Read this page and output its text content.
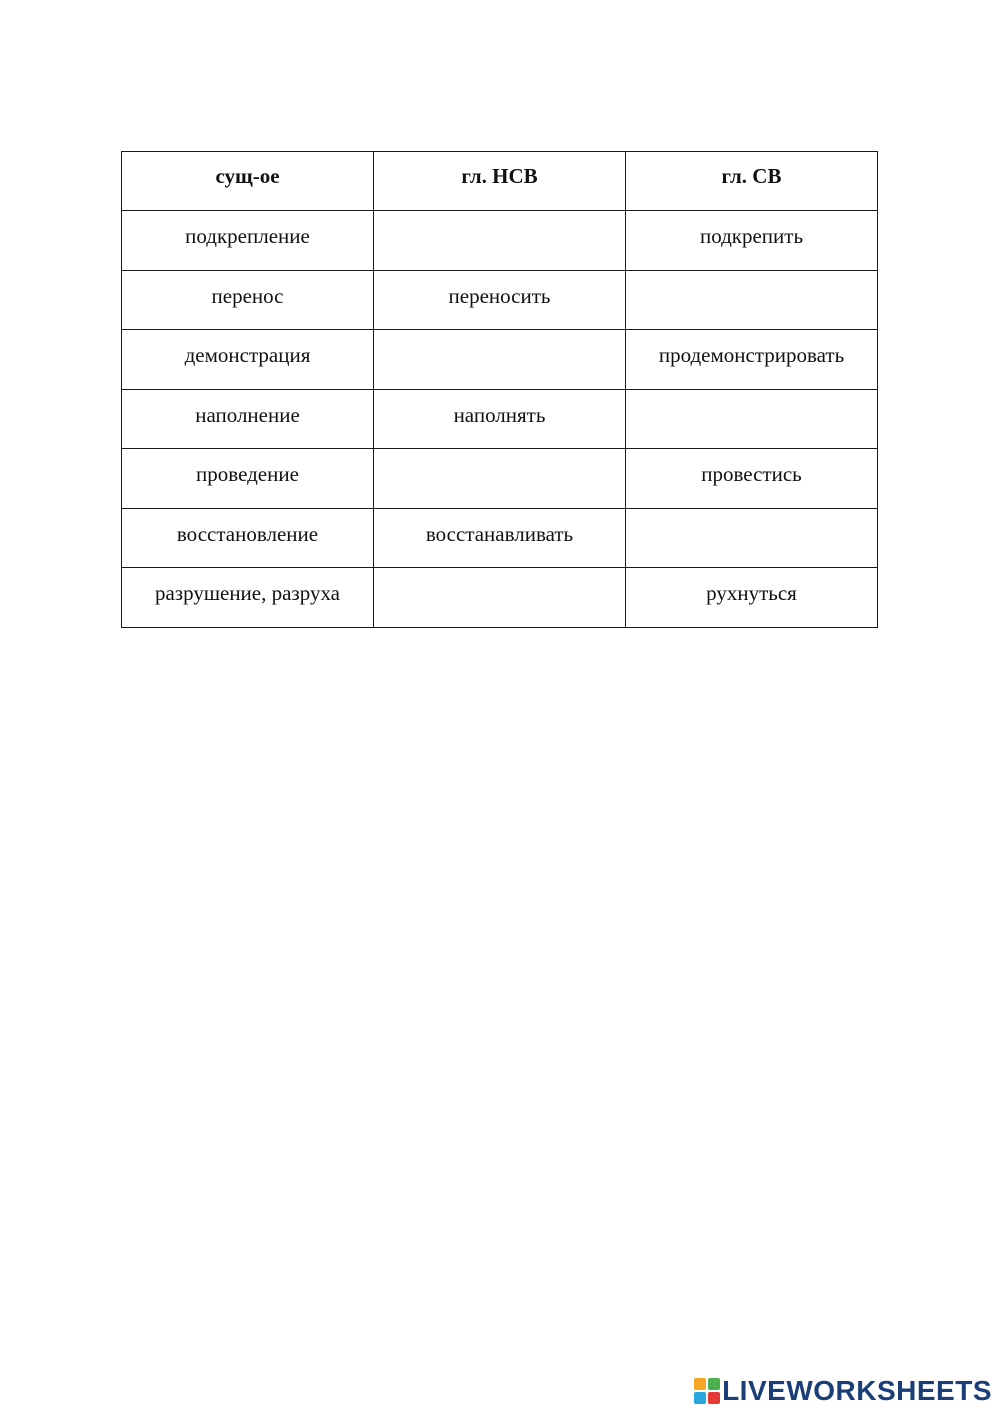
сущ-ое	гл. НСВ	гл. СВ
подкрепление		подкрепить
перенос	переносить	
демонстрация		продемонстрировать
наполнение	наполнять	
проведение		провестись
восстановление	восстанавливать	
разрушение, разруха		рухнуться
LIVEWORKSHEETS
